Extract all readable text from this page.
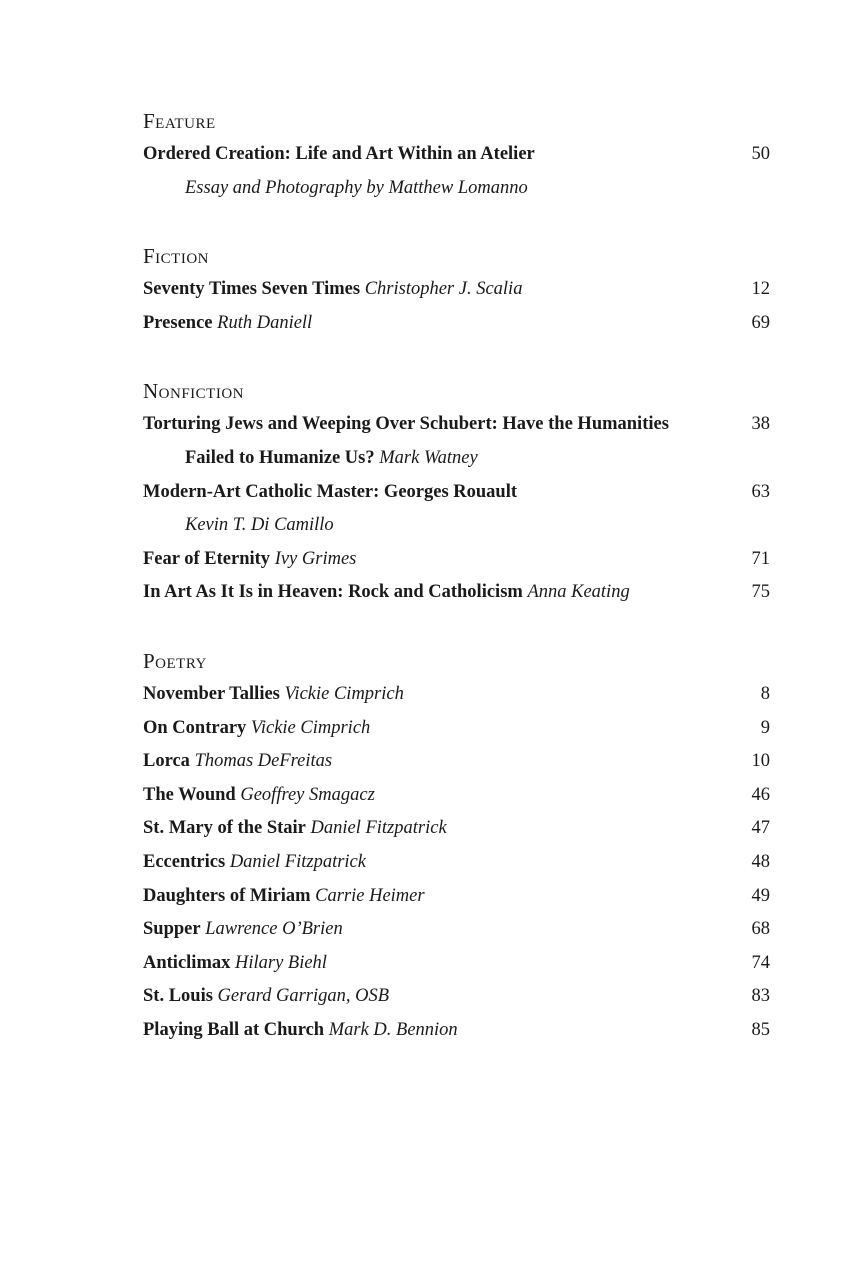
Feature
Ordered Creation: Life and Art Within an Atelier	50
Essay and Photography by Matthew Lomanno
Fiction
Seventy Times Seven Times Christopher J. Scalia	12
Presence Ruth Daniell	69
Nonfiction
Torturing Jews and Weeping Over Schubert: Have the Humanities	38
Failed to Humanize Us? Mark Watney
Modern-Art Catholic Master: Georges Rouault	63
Kevin T. Di Camillo
Fear of Eternity Ivy Grimes	71
In Art As It Is in Heaven: Rock and Catholicism Anna Keating	75
Poetry
November Tallies Vickie Cimprich	8
On Contrary Vickie Cimprich	9
Lorca Thomas DeFreitas	10
The Wound Geoffrey Smagacz	46
St. Mary of the Stair Daniel Fitzpatrick	47
Eccentrics Daniel Fitzpatrick	48
Daughters of Miriam Carrie Heimer	49
Supper Lawrence O’Brien	68
Anticlimax Hilary Biehl	74
St. Louis Gerard Garrigan, OSB	83
Playing Ball at Church Mark D. Bennion	85
